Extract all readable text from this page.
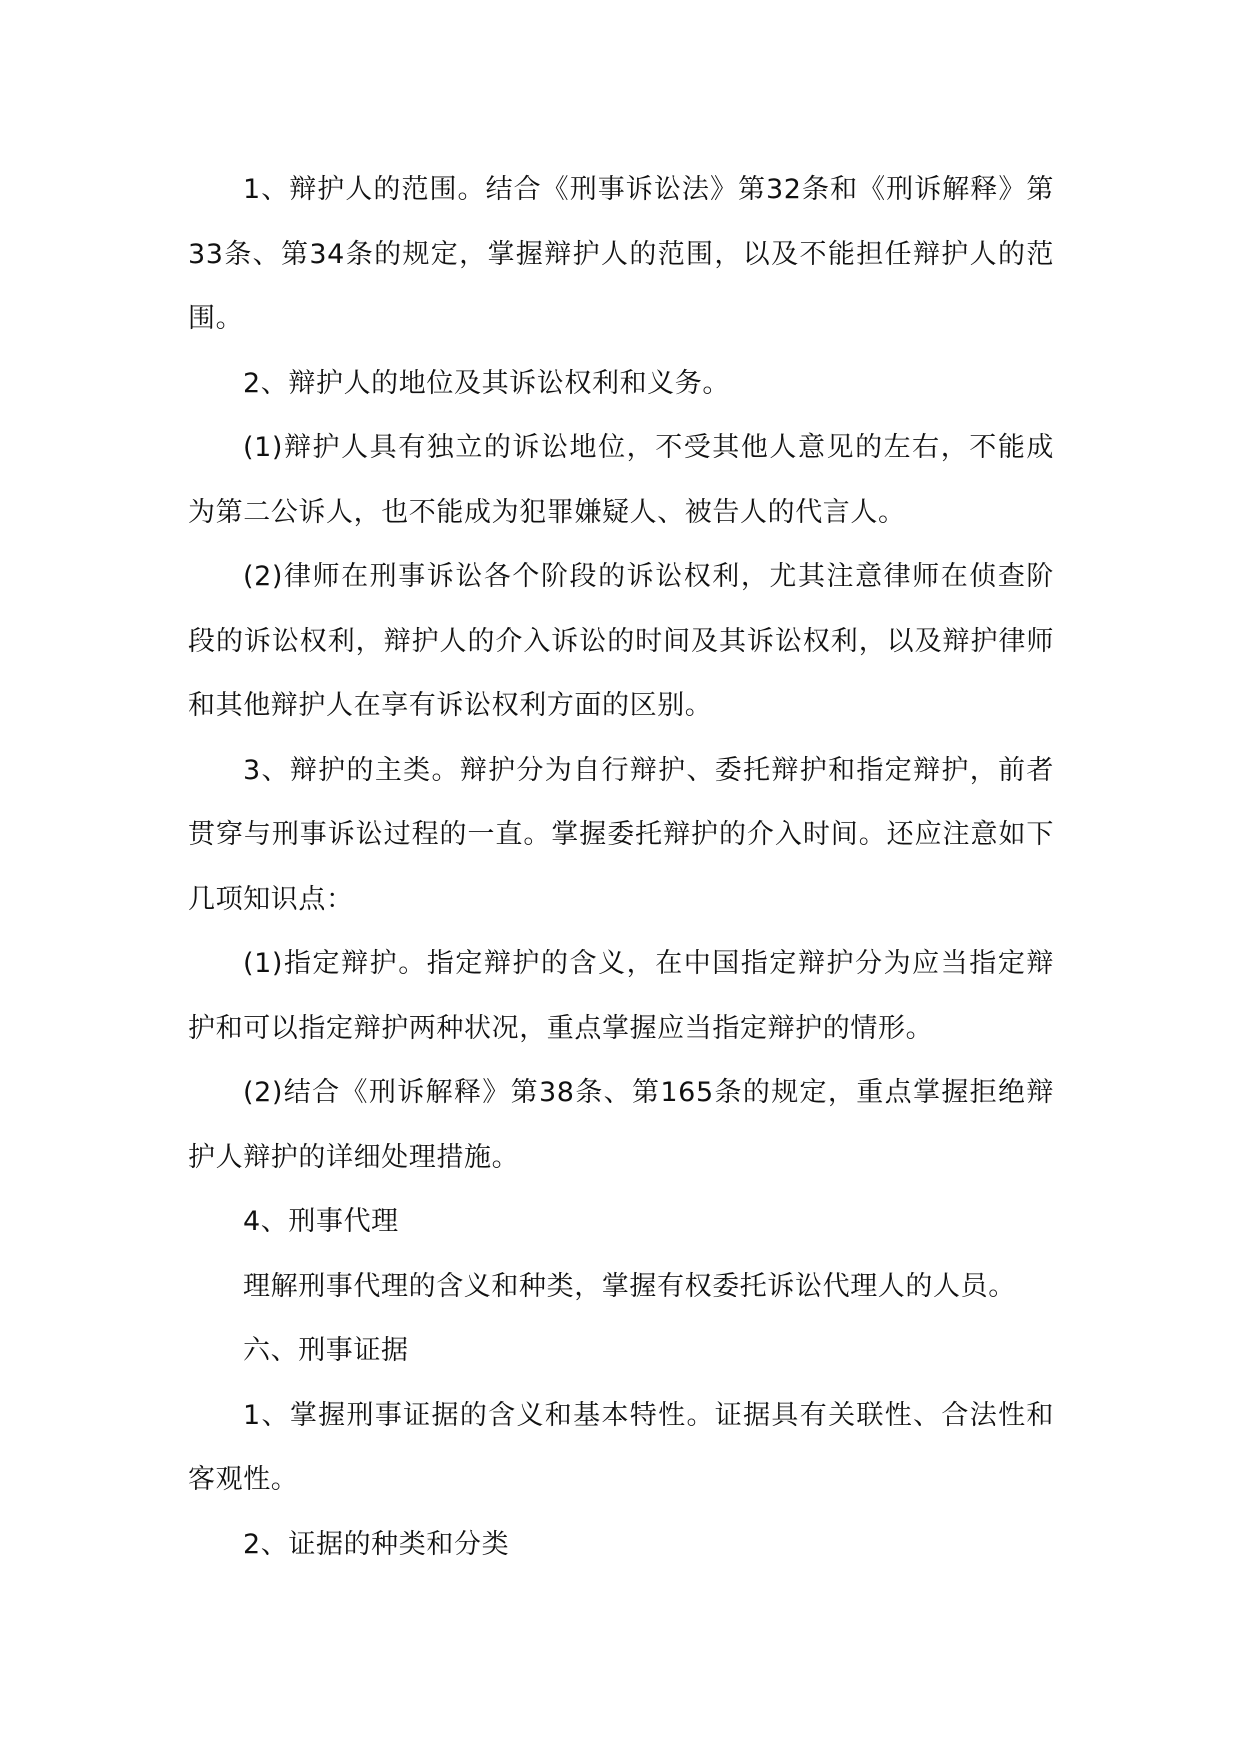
1、辩护人的范围。结合《刑事诉讼法》第32条和《刑诉解释》第33条、第34条的规定，掌握辩护人的范围，以及不能担任辩护人的范围。

2、辩护人的地位及其诉讼权利和义务。

(1)辩护人具有独立的诉讼地位，不受其他人意见的左右，不能成为第二公诉人，也不能成为犯罪嫌疑人、被告人的代言人。

(2)律师在刑事诉讼各个阶段的诉讼权利，尤其注意律师在侦查阶段的诉讼权利，辩护人的介入诉讼的时间及其诉讼权利，以及辩护律师和其他辩护人在享有诉讼权利方面的区别。

3、辩护的主类。辩护分为自行辩护、委托辩护和指定辩护，前者贯穿与刑事诉讼过程的一直。掌握委托辩护的介入时间。还应注意如下几项知识点：

(1)指定辩护。指定辩护的含义，在中国指定辩护分为应当指定辩护和可以指定辩护两种状况，重点掌握应当指定辩护的情形。

(2)结合《刑诉解释》第38条、第165条的规定，重点掌握拒绝辩护人辩护的详细处理措施。

4、刑事代理

理解刑事代理的含义和种类，掌握有权委托诉讼代理人的人员。

六、刑事证据

1、掌握刑事证据的含义和基本特性。证据具有关联性、合法性和客观性。

2、证据的种类和分类
